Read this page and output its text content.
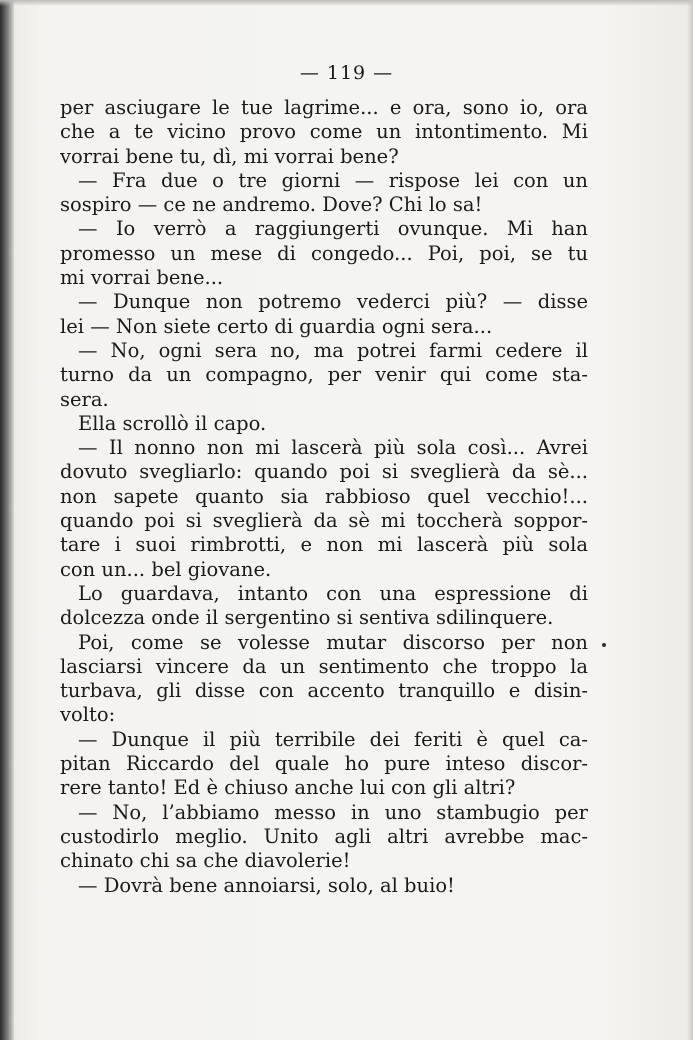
— 119 —
per asciugare le tue lagrime... e ora, sono io, ora
che a te vicino provo come un intontimento. Mi
vorrai bene tu, dì, mi vorrai bene?
— Fra due o tre giorni — rispose lei con un
sospiro — ce ne andremo. Dove? Chi lo sa!
— Io verrò a raggiungerti ovunque. Mi han
promesso un mese di congedo... Poi, poi, se tu
mi vorrai bene...
— Dunque non potremo vederci più? — disse
lei — Non siete certo di guardia ogni sera...
— No, ogni sera no, ma potrei farmi cedere il
turno da un compagno, per venir qui come sta-
sera.
Ella scrollò il capo.
— Il nonno non mi lascerà più sola così... Avrei
dovuto svegliarlo: quando poi si sveglierà da sè...
non sapete quanto sia rabbioso quel vecchio!...
quando poi si sveglierà da sè mi toccherà soppor-
tare i suoi rimbrotti, e non mi lascerà più sola
con un... bel giovane.
Lo guardava, intanto con una espressione di
dolcezza onde il sergentino si sentiva sdilinquere.
Poi, come se volesse mutar discorso per non
lasciarsi vincere da un sentimento che troppo la
turbava, gli disse con accento tranquillo e disin-
volto:
— Dunque il più terribile dei feriti è quel ca-
pitan Riccardo del quale ho pure inteso discor-
rere tanto! Ed è chiuso anche lui con gli altri?
— No, l’abbiamo messo in uno stambugio per
custodirlo meglio. Unito agli altri avrebbe mac-
chinato chi sa che diavolerie!
— Dovrà bene annoiarsi, solo, al buio!
